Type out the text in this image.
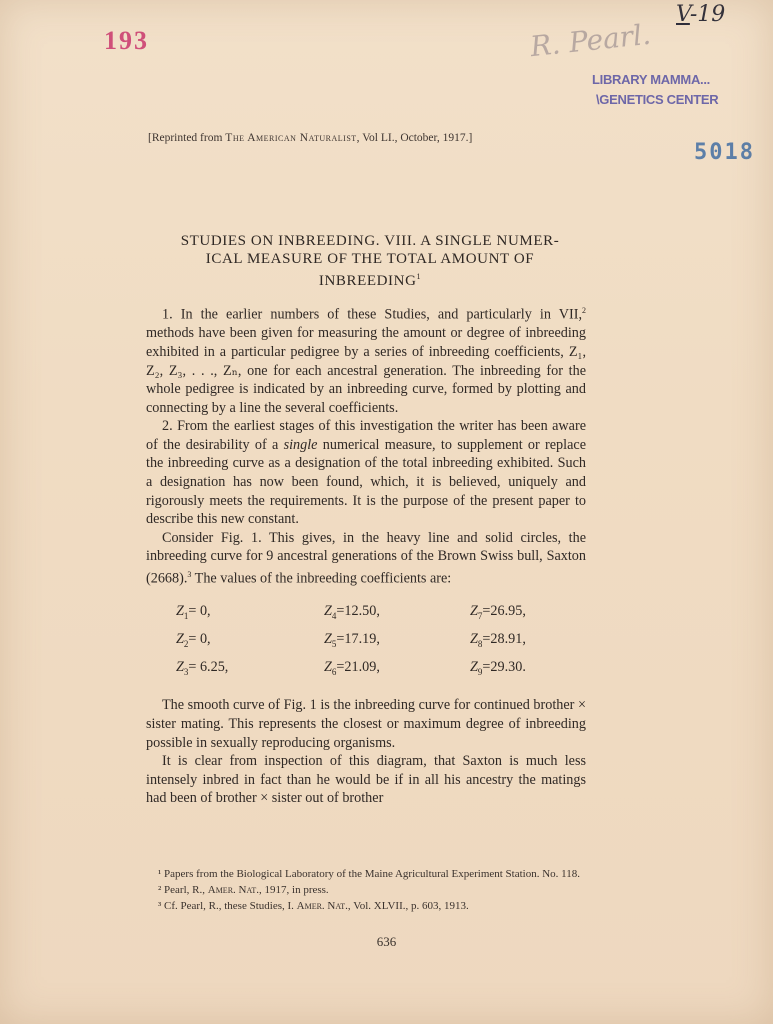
193	R. Pearl.
V-19
LIBRARY MAMMA...
\GENETICS CENTER
5018
[Reprinted from The American Naturalist, Vol LI., October, 1917.]
STUDIES ON INBREEDING. VIII. A SINGLE NUMER-
ICAL MEASURE OF THE TOTAL AMOUNT OF
INBREEDING$^1$

1. In the earlier numbers of these Studies, and particularly in VII,$^2$ methods have been given for measuring the amount or degree of inbreeding exhibited in a particular pedigree by a series of inbreeding coefficients, Z₁, Z₂, Z₃, . . ., Zₙ, one for each ancestral generation. The inbreeding for the whole pedigree is indicated by an inbreeding curve, formed by plotting and connecting by a line the several coefficients.

2. From the earliest stages of this investigation the writer has been aware of the desirability of a single numerical measure, to supplement or replace the inbreeding curve as a designation of the total inbreeding exhibited. Such a designation has now been found, which, it is believed, uniquely and rigorously meets the requirements. It is the purpose of the present paper to describe this new constant.

Consider Fig. 1. This gives, in the heavy line and solid circles, the inbreeding curve for 9 ancestral generations of the Brown Swiss bull, Saxton (2668).$^3$ The values of the inbreeding coefficients are:

$Z_1= 0$,
$Z_2= 0$,
$Z_3= 6.25$,
$Z_4=12.50$,
$Z_5=17.19$,
$Z_6=21.09$,
$Z_7=26.95$,
$Z_8=28.91$,
$Z_9=29.30$.

The smooth curve of Fig. 1 is the inbreeding curve for continued brother × sister mating. This represents the closest or maximum degree of inbreeding possible in sexually reproducing organisms.

It is clear from inspection of this diagram, that Saxton is much less intensely inbred in fact than he would be if in all his ancestry the matings had been of brother × sister out of brother

¹ Papers from the Biological Laboratory of the Maine Agricultural Experiment Station. No. 118.
² Pearl, R., Amer. Nat., 1917, in press.
³ Cf. Pearl, R., these Studies, I. Amer. Nat., Vol. XLVII., p. 603, 1913.
636
